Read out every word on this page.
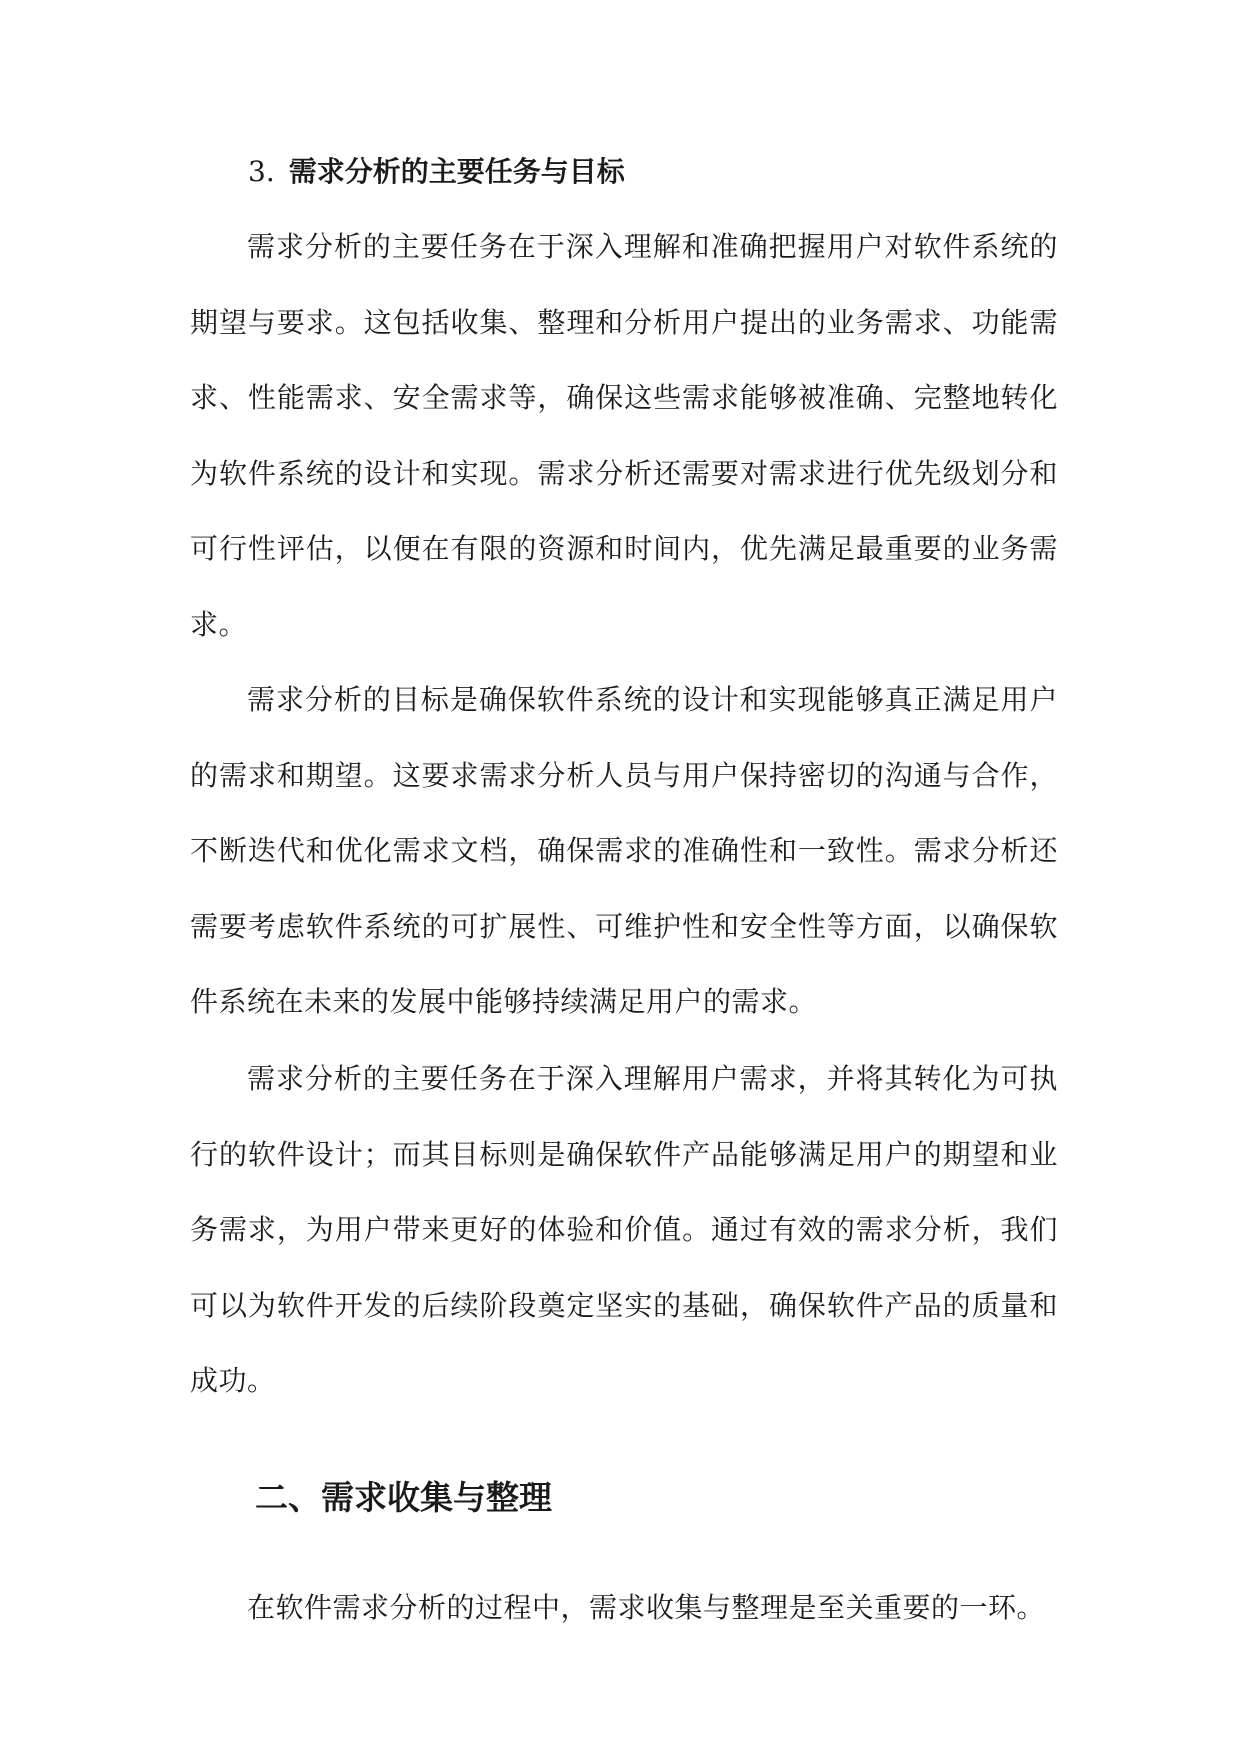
3. 需求分析的主要任务与目标

需求分析的主要任务在于深入理解和准确把握用户对软件系统的期望与要求。这包括收集、整理和分析用户提出的业务需求、功能需求、性能需求、安全需求等，确保这些需求能够被准确、完整地转化为软件系统的设计和实现。需求分析还需要对需求进行优先级划分和可行性评估，以便在有限的资源和时间内，优先满足最重要的业务需求。

需求分析的目标是确保软件系统的设计和实现能够真正满足用户的需求和期望。这要求需求分析人员与用户保持密切的沟通与合作，不断迭代和优化需求文档，确保需求的准确性和一致性。需求分析还需要考虑软件系统的可扩展性、可维护性和安全性等方面，以确保软件系统在未来的发展中能够持续满足用户的需求。

需求分析的主要任务在于深入理解用户需求，并将其转化为可执行的软件设计；而其目标则是确保软件产品能够满足用户的期望和业务需求，为用户带来更好的体验和价值。通过有效的需求分析，我们可以为软件开发的后续阶段奠定坚实的基础，确保软件产品的质量和成功。

二、需求收集与整理

在软件需求分析的过程中，需求收集与整理是至关重要的一环。
